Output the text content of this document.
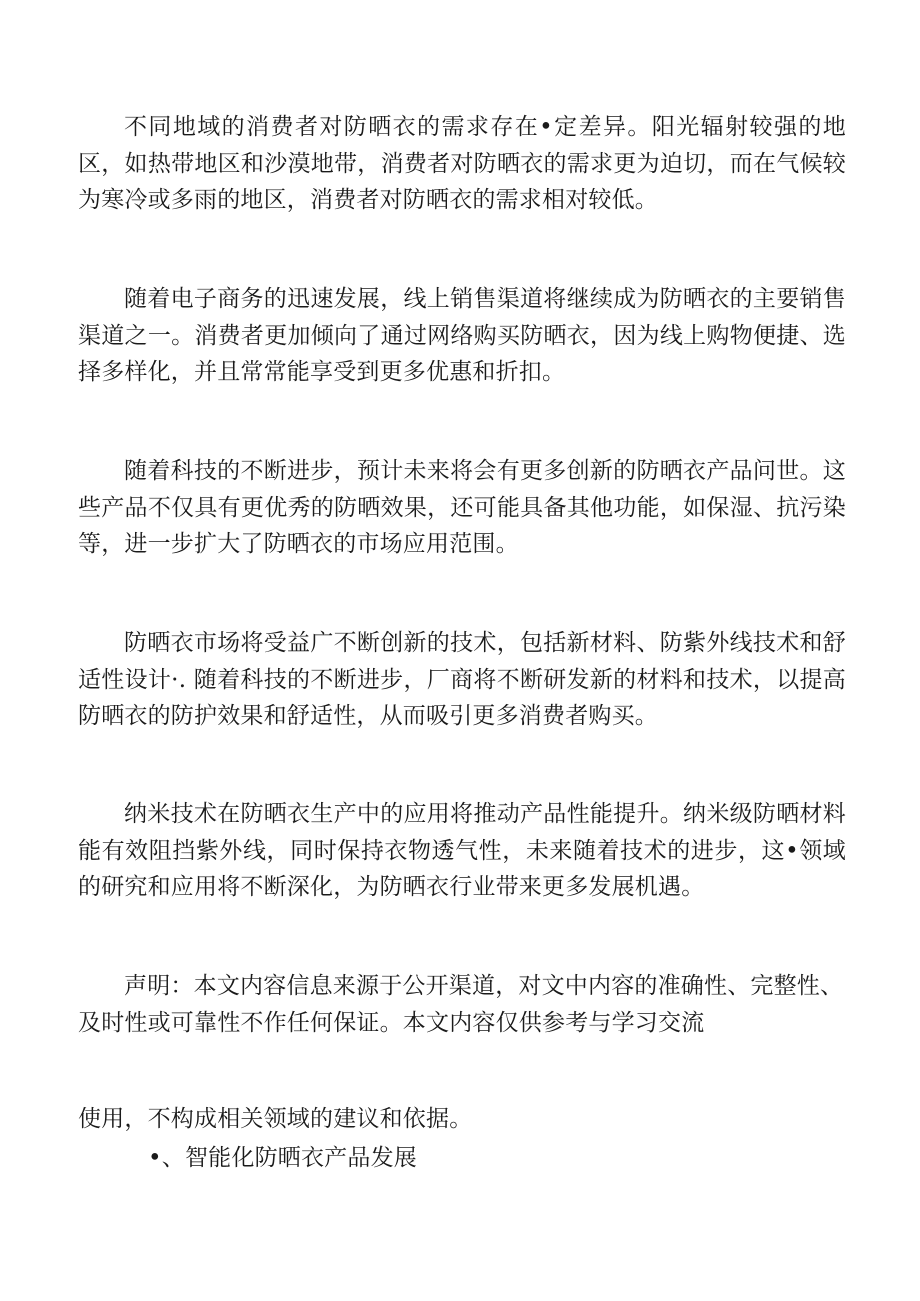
不同地域的消费者对防晒衣的需求存在•定差异。阳光辐射较强的地区，如热带地区和沙漠地带，消费者对防晒衣的需求更为迫切，而在气候较为寒冷或多雨的地区，消费者对防晒衣的需求相对较低。

随着电子商务的迅速发展，线上销售渠道将继续成为防晒衣的主要销售渠道之一。消费者更加倾向了通过网络购买防晒衣，因为线上购物便捷、选择多样化，并且常常能享受到更多优惠和折扣。

随着科技的不断进步，预计未来将会有更多创新的防晒衣产品问世。这些产品不仅具有更优秀的防晒效果，还可能具备其他功能，如保湿、抗污染等，进一步扩大了防晒衣的市场应用范围。

防晒衣市场将受益广不断创新的技术，包括新材料、防紫外线技术和舒适性设计·. 随着科技的不断进步，厂商将不断研发新的材料和技术，以提高防晒衣的防护效果和舒适性，从而吸引更多消费者购买。

纳米技术在防晒衣生产中的应用将推动产品性能提升。纳米级防晒材料能有效阻挡紫外线，同时保持衣物透气性，未来随着技术的进步，这•领域的研究和应用将不断深化，为防晒衣行业带来更多发展机遇。

声明：本文内容信息来源于公开渠道，对文中内容的准确性、完整性、及时性或可靠性不作任何保证。本文内容仅供参考与学习交流

使用，不构成相关领域的建议和依据。

•、智能化防晒衣产品发展
